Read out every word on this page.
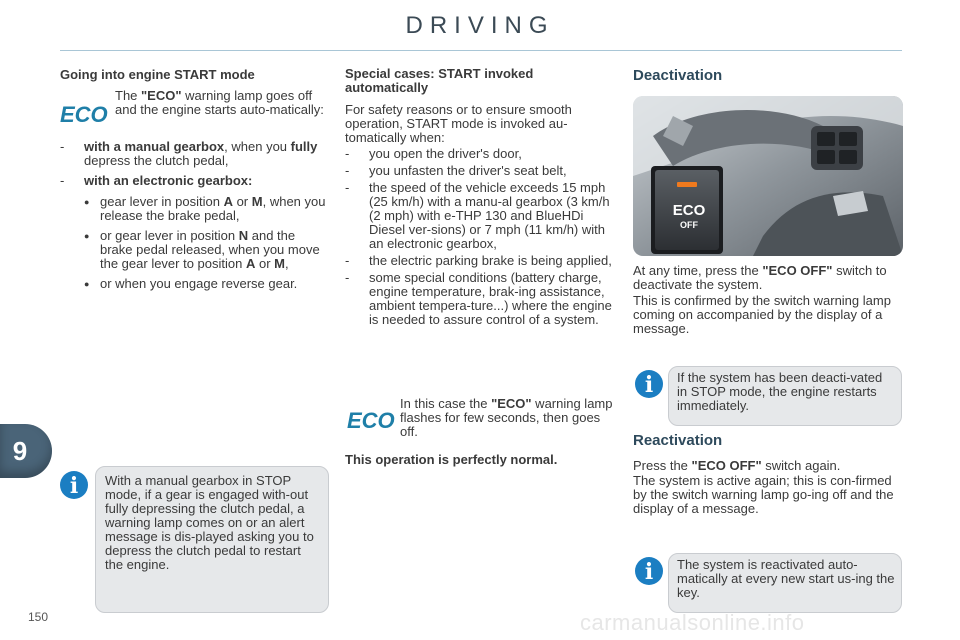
DRIVING
Going into engine START mode
ECO
The "ECO" warning lamp goes off and the engine starts auto-matically:
- with a manual gearbox, when you fully depress the clutch pedal,
- with an electronic gearbox:
● gear lever in position A or M, when you release the brake pedal,
● or gear lever in position N and the brake pedal released, when you move the gear lever to position A or M,
● or when you engage reverse gear.
i	With a manual gearbox in STOP mode, if a gear is engaged with-out fully depressing the clutch pedal, a warning lamp comes on or an alert message is dis-played asking you to depress the clutch pedal to restart the engine.
Special cases: START invoked automatically
For safety reasons or to ensure smooth operation, START mode is invoked au-tomatically when:
- you open the driver's door,
- you unfasten the driver's seat belt,
- the speed of the vehicle exceeds 15 mph (25 km/h) with a manu-al gearbox (3 km/h (2 mph) with e-THP 130 and BlueHDi Diesel ver-sions) or 7 mph (11 km/h) with an electronic gearbox,
- the electric parking brake is being applied,
- some special conditions (battery charge, engine temperature, brak-ing assistance, ambient tempera-ture...) where the engine is needed to assure control of a system.
ECO
In this case the "ECO" warning lamp flashes for few seconds, then goes off.
This operation is perfectly normal.
Deactivation
ECO
OFF
At any time, press the "ECO OFF" switch to deactivate the system.
This is confirmed by the switch warning lamp coming on accompanied by the display of a message.
i	If the system has been deacti-vated in STOP mode, the engine restarts immediately.
Reactivation
Press the "ECO OFF" switch again.
The system is active again; this is con-firmed by the switch warning lamp go-ing off and the display of a message.
i	The system is reactivated auto-matically at every new start us-ing the key.
9
150	carmanualsonline.info
